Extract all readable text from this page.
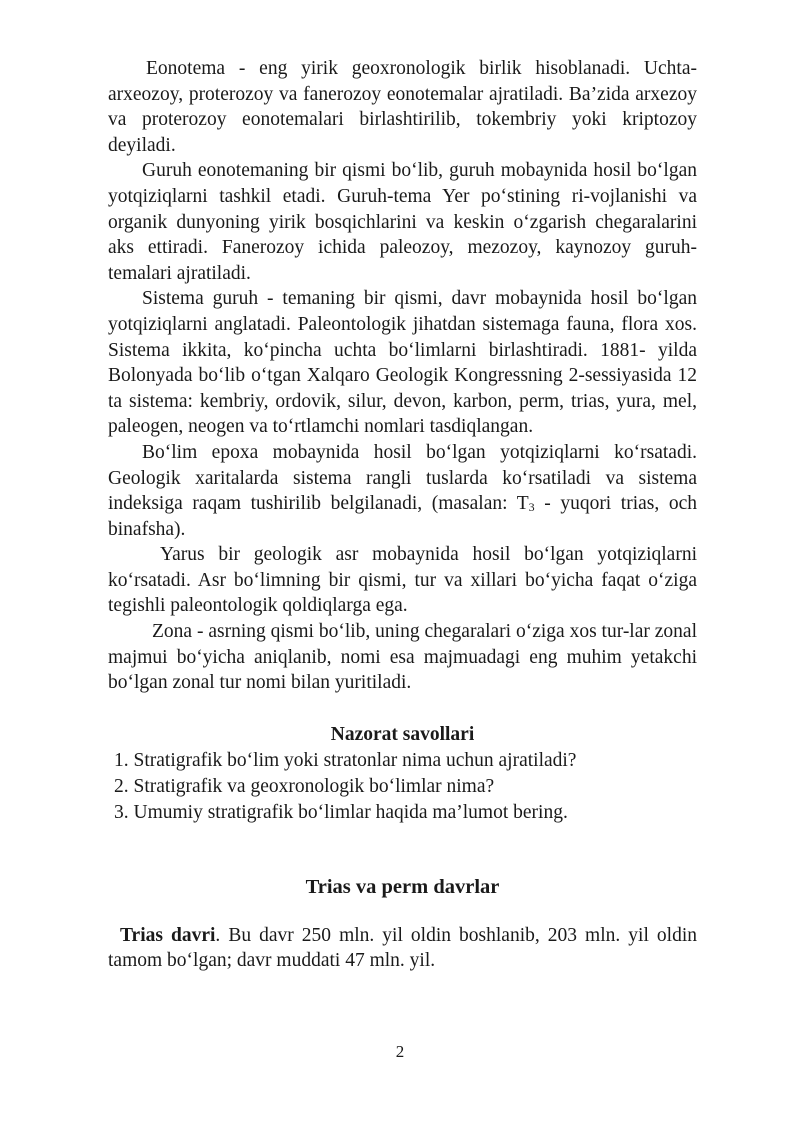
Eonotema - eng yirik geoxronologik birlik hisoblanadi. Uchta-arxeozoy, proterozoy va fanerozoy eonotemalar ajratiladi. Ba’zida arxezoy va proterozoy eonotemalari birlashtirilib, tokembriy yoki kriptozoy deyiladi.

Guruh eonotemaning bir qismi bo‘lib, guruh mobaynida hosil bo‘lgan yotqiziqlarni tashkil etadi. Guruh-tema Yer po‘stining ri-vojlanishi va organik dunyoning yirik bosqichlarini va keskin o‘zgarish chegaralarini aks ettiradi. Fanerozoy ichida paleozoy, mezozoy, kaynozoy guruh-temalari ajratiladi.

Sistema guruh - temaning bir qismi, davr mobaynida hosil bo‘lgan yotqiziqlarni anglatadi. Paleontologik jihatdan sistemaga fauna, flora xos. Sistema ikkita, ko‘pincha uchta bo‘limlarni birlashtiradi. 1881- yilda Bolonyada bo‘lib o‘tgan Xalqaro Geologik Kongressning 2-sessiyasida 12 ta sistema: kembriy, ordovik, silur, devon, karbon, perm, trias, yura, mel, paleogen, neogen va to‘rtlamchi nomlari tasdiqlangan.

Bo‘lim epoxa mobaynida hosil bo‘lgan yotqiziqlarni ko‘rsatadi. Geologik xaritalarda sistema rangli tuslarda ko‘rsatiladi va sistema indeksiga raqam tushirilib belgilanadi, (masalan: $T_3$ - yuqori trias, och binafsha).

Yarus bir geologik asr mobaynida hosil bo‘lgan yotqiziqlarni ko‘rsatadi. Asr bo‘limning bir qismi, tur va xillari bo‘yicha faqat o‘ziga tegishli paleontologik qoldiqlarga ega.

Zona - asrning qismi bo‘lib, uning chegaralari o‘ziga xos tur-lar zonal majmui bo‘yicha aniqlanib, nomi esa majmuadagi eng muhim yetakchi bo‘lgan zonal tur nomi bilan yuritiladi.

Nazorat savollari
1. Stratigrafik bo‘lim yoki stratonlar nima uchun ajratiladi?
2. Stratigrafik va geoxronologik bo‘limlar nima?
3. Umumiy stratigrafik bo‘limlar haqida ma’lumot bering.
Trias va perm davrlar

Trias davri. Bu davr 250 mln. yil oldin boshlanib, 203 mln. yil oldin tamom bo‘lgan; davr muddati 47 mln. yil.

2
